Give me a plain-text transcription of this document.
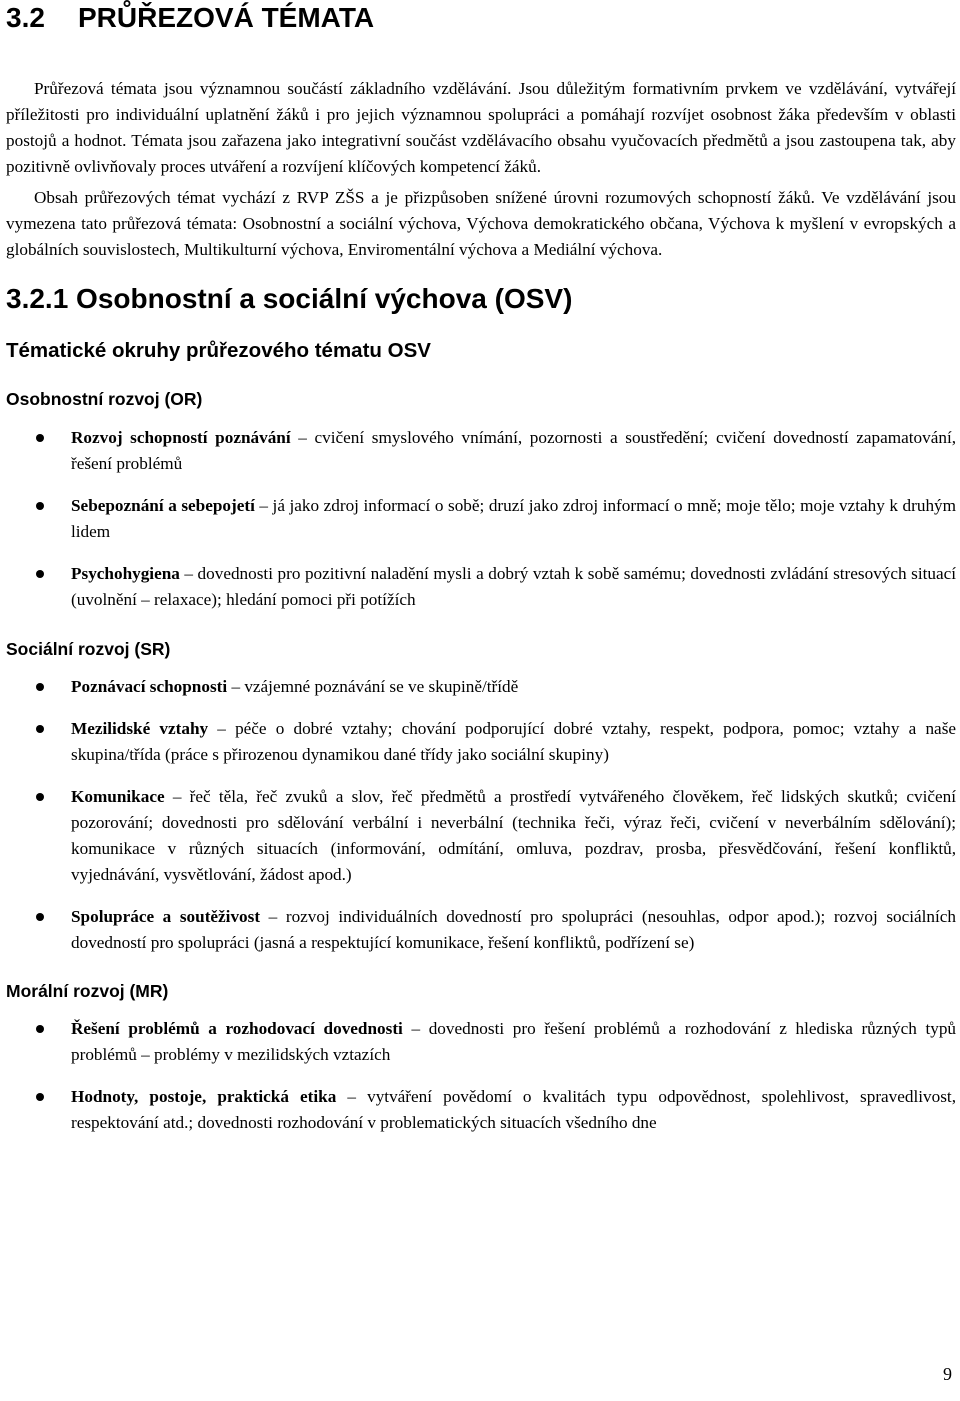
3.2 PRŮŘEZOVÁ TÉMATA

Průřezová témata jsou významnou součástí základního vzdělávání. Jsou důležitým formativním prvkem ve vzdělávání, vytvářejí příležitosti pro individuální uplatnění žáků i pro jejich významnou spolupráci a pomáhají rozvíjet osobnost žáka především v oblasti postojů a hodnot. Témata jsou zařazena jako integrativní součást vzdělávacího obsahu vyučovacích předmětů a jsou zastoupena tak, aby pozitivně ovlivňovaly proces utváření a rozvíjení klíčových kompetencí žáků.

Obsah průřezových témat vychází z RVP ZŠS a je přizpůsoben snížené úrovni rozumových schopností žáků. Ve vzdělávání jsou vymezena tato průřezová témata: Osobnostní a sociální výchova, Výchova demokratického občana, Výchova k myšlení v evropských a globálních souvislostech, Multikulturní výchova, Enviromentální výchova a Mediální výchova.

3.2.1 Osobnostní a sociální výchova (OSV)
Tématické okruhy průřezového tématu OSV
Osobnostní rozvoj (OR)
Rozvoj schopností poznávání – cvičení smyslového vnímání, pozornosti a soustředění; cvičení dovedností zapamatování, řešení problémů
Sebepoznání a sebepojetí – já jako zdroj informací o sobě; druzí jako zdroj informací o mně; moje tělo; moje vztahy k druhým lidem
Psychohygiena – dovednosti pro pozitivní naladění mysli a dobrý vztah k sobě samému; dovednosti zvládání stresových situací (uvolnění – relaxace); hledání pomoci při potížích
Sociální rozvoj (SR)
Poznávací schopnosti – vzájemné poznávání se ve skupině/třídě
Mezilidské vztahy – péče o dobré vztahy; chování podporující dobré vztahy, respekt, podpora, pomoc; vztahy a naše skupina/třída (práce s přirozenou dynamikou dané třídy jako sociální skupiny)
Komunikace – řeč těla, řeč zvuků a slov, řeč předmětů a prostředí vytvářeného člověkem, řeč lidských skutků; cvičení pozorování; dovednosti pro sdělování verbální i neverbální (technika řeči, výraz řeči, cvičení v neverbálním sdělování); komunikace v různých situacích (informování, odmítání, omluva, pozdrav, prosba, přesvědčování, řešení konfliktů, vyjednávání, vysvětlování, žádost apod.)
Spolupráce a soutěživost – rozvoj individuálních dovedností pro spolupráci (nesouhlas, odpor apod.); rozvoj sociálních dovedností pro spolupráci (jasná a respektující komunikace, řešení konfliktů, podřízení se)
Morální rozvoj (MR)
Řešení problémů a rozhodovací dovednosti – dovednosti pro řešení problémů a rozhodování z hlediska různých typů problémů – problémy v mezilidských vztazích
Hodnoty, postoje, praktická etika – vytváření povědomí o kvalitách typu odpovědnost, spolehlivost, spravedlivost, respektování atd.; dovednosti rozhodování v problematických situacích všedního dne
9
